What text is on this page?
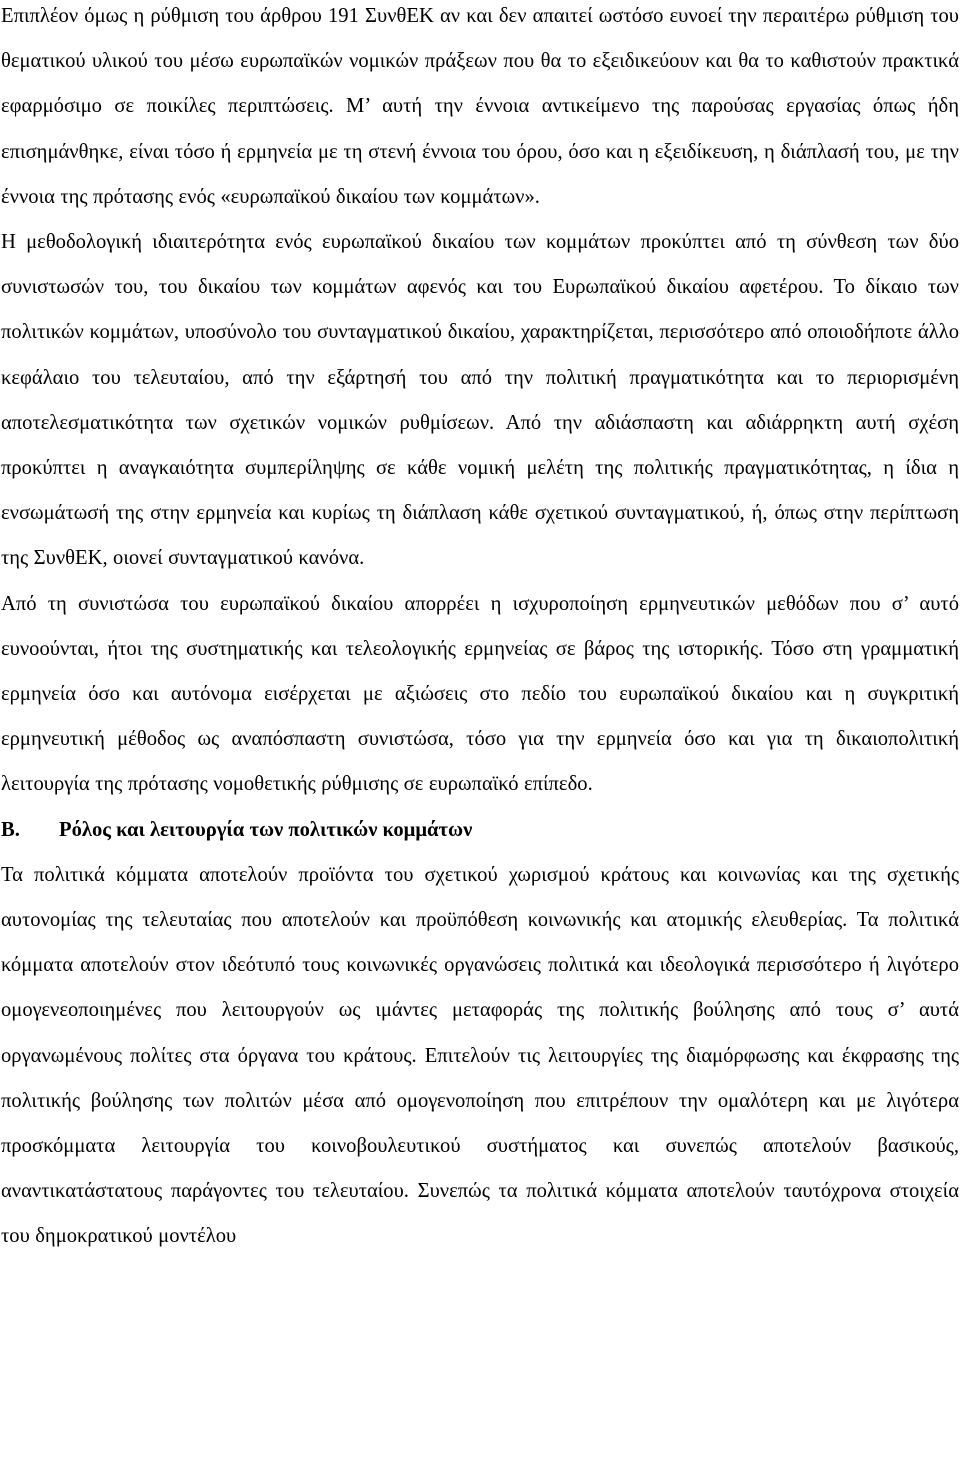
Επιπλέον όμως η ρύθμιση του άρθρου 191 ΣυνθΕΚ αν και δεν απαιτεί ωστόσο ευνοεί την περαιτέρω ρύθμιση του θεματικού υλικού του μέσω ευρωπαϊκών νομικών πράξεων που θα το εξειδικεύουν και θα το καθιστούν πρακτικά εφαρμόσιμο σε ποικίλες περιπτώσεις. Μ’ αυτή την έννοια αντικείμενο της παρούσας εργασίας όπως ήδη επισημάνθηκε, είναι τόσο ή ερμηνεία με τη στενή έννοια του όρου, όσο και η εξειδίκευση, η διάπλασή του, με την έννοια της πρότασης ενός «ευρωπαϊκού δικαίου των κομμάτων».

Η μεθοδολογική ιδιαιτερότητα ενός ευρωπαϊκού δικαίου των κομμάτων προκύπτει από τη σύνθεση των δύο συνιστωσών του, του δικαίου των κομμάτων αφενός και του Ευρωπαϊκού δικαίου αφετέρου. Το δίκαιο των πολιτικών κομμάτων, υποσύνολο του συνταγματικού δικαίου, χαρακτηρίζεται, περισσότερο από οποιοδήποτε άλλο κεφάλαιο του τελευταίου, από την εξάρτησή του από την πολιτική πραγματικότητα και το περιορισμένη αποτελεσματικότητα των σχετικών νομικών ρυθμίσεων. Από την αδιάσπαστη και αδιάρρηκτη αυτή σχέση προκύπτει η αναγκαιότητα συμπερίληψης σε κάθε νομική μελέτη της πολιτικής πραγματικότητας, η ίδια η ενσωμάτωσή της στην ερμηνεία και κυρίως τη διάπλαση κάθε σχετικού συνταγματικού, ή, όπως στην περίπτωση της ΣυνθΕΚ, οιονεί συνταγματικού κανόνα.

Από τη συνιστώσα του ευρωπαϊκού δικαίου απορρέει η ισχυροποίηση ερμηνευτικών μεθόδων που σ’ αυτό ευνοούνται, ήτοι της συστηματικής και τελεολογικής ερμηνείας σε βάρος της ιστορικής. Τόσο στη γραμματική ερμηνεία όσο και αυτόνομα εισέρχεται με αξιώσεις στο πεδίο του ευρωπαϊκού δικαίου και η συγκριτική ερμηνευτική μέθοδος ως αναπόσπαστη συνιστώσα, τόσο για την ερμηνεία όσο και για τη δικαιοπολιτική λειτουργία της πρότασης νομοθετικής ρύθμισης σε ευρωπαϊκό επίπεδο.

Β. Ρόλος και λειτουργία των πολιτικών κομμάτων

Τα πολιτικά κόμματα αποτελούν προϊόντα του σχετικού χωρισμού κράτους και κοινωνίας και της σχετικής αυτονομίας της τελευταίας που αποτελούν και προϋπόθεση κοινωνικής και ατομικής ελευθερίας. Τα πολιτικά κόμματα αποτελούν στον ιδεότυπό τους κοινωνικές οργανώσεις πολιτικά και ιδεολογικά περισσότερο ή λιγότερο ομογενεοποιημένες που λειτουργούν ως ιμάντες μεταφοράς της πολιτικής βούλησης από τους σ’ αυτά οργανωμένους πολίτες στα όργανα του κράτους. Επιτελούν τις λειτουργίες της διαμόρφωσης και έκφρασης της πολιτικής βούλησης των πολιτών μέσα από ομογενοποίηση που επιτρέπουν την ομαλότερη και με λιγότερα προσκόμματα λειτουργία του κοινοβουλευτικού συστήματος και συνεπώς αποτελούν βασικούς, αναντικατάστατους παράγοντες του τελευταίου. Συνεπώς τα πολιτικά κόμματα αποτελούν ταυτόχρονα στοιχεία του δημοκρατικού μοντέλου
